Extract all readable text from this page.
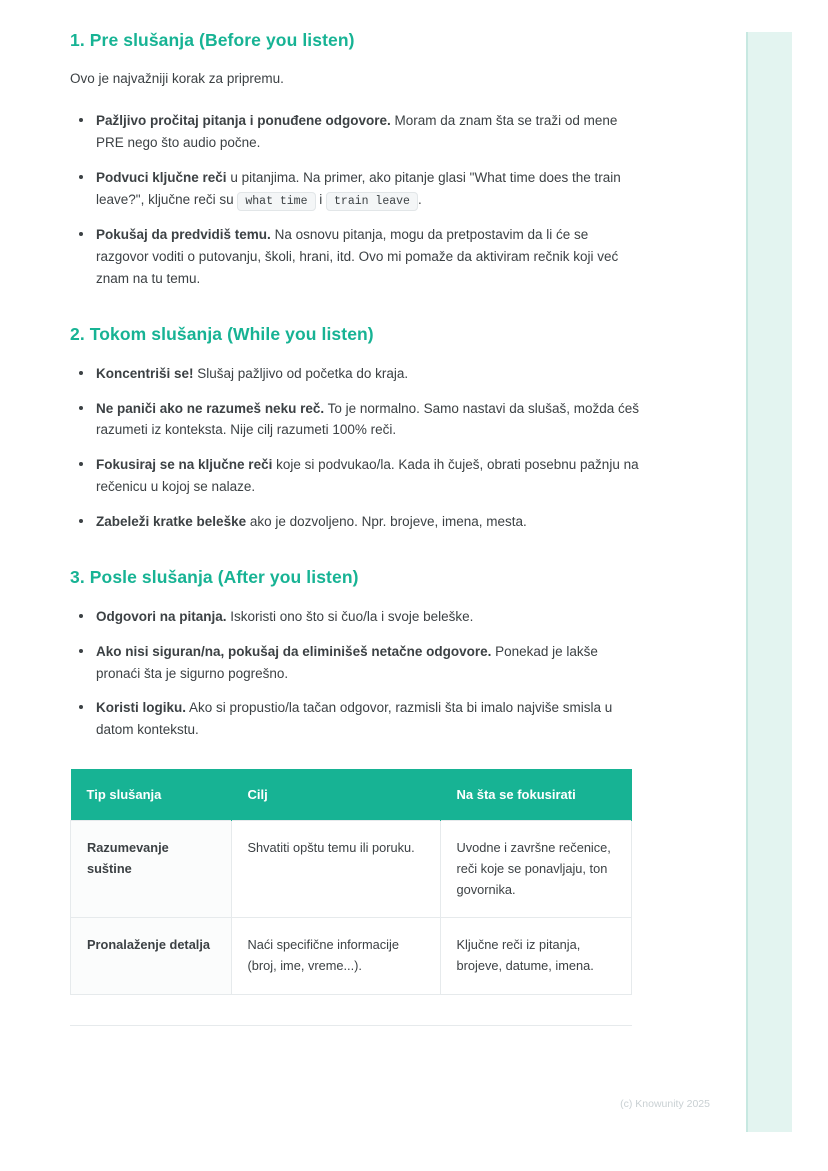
1. Pre slušanja (Before you listen)

Ovo je najvažniji korak za pripremu.

Pažljivo pročitaj pitanja i ponuđene odgovore. Moram da znam šta se traži od mene PRE nego što audio počne.
Podvuci ključne reči u pitanjima. Na primer, ako pitanje glasi "What time does the train leave?", ključne reči su what time i train leave .
Pokušaj da predvidiš temu. Na osnovu pitanja, mogu da pretpostavim da li će se razgovor voditi o putovanju, školi, hrani, itd. Ovo mi pomaže da aktiviram rečnik koji već znam na tu temu.
2. Tokom slušanja (While you listen)
Koncentriši se! Slušaj pažljivo od početka do kraja.
Ne paniči ako ne razumeš neku reč. To je normalno. Samo nastavi da slušaš, možda ćeš razumeti iz konteksta. Nije cilj razumeti 100% reči.
Fokusiraj se na ključne reči koje si podvukao/la. Kada ih čuješ, obrati posebnu pažnju na rečenicu u kojoj se nalaze.
Zabeleži kratke beleške ako je dozvoljeno. Npr. brojeve, imena, mesta.
3. Posle slušanja (After you listen)
Odgovori na pitanja. Iskoristi ono što si čuo/la i svoje beleške.
Ako nisi siguran/na, pokušaj da eliminišeš netačne odgovore. Ponekad je lakše pronaći šta je sigurno pogrešno.
Koristi logiku. Ako si propustio/la tačan odgovor, razmisli šta bi imalo najviše smisla u datom kontekstu.
Tip slušanja	Cilj	Na šta se fokusirati
Razumevanje suštine	Shvatiti opštu temu ili poruku.	Uvodne i završne rečenice, reči koje se ponavljaju, ton govornika.
Pronalaženje detalja	Naći specifične informacije (broj, ime, vreme...).	Ključne reči iz pitanja, brojeve, datume, imena.
(c) Knowunity 2025
